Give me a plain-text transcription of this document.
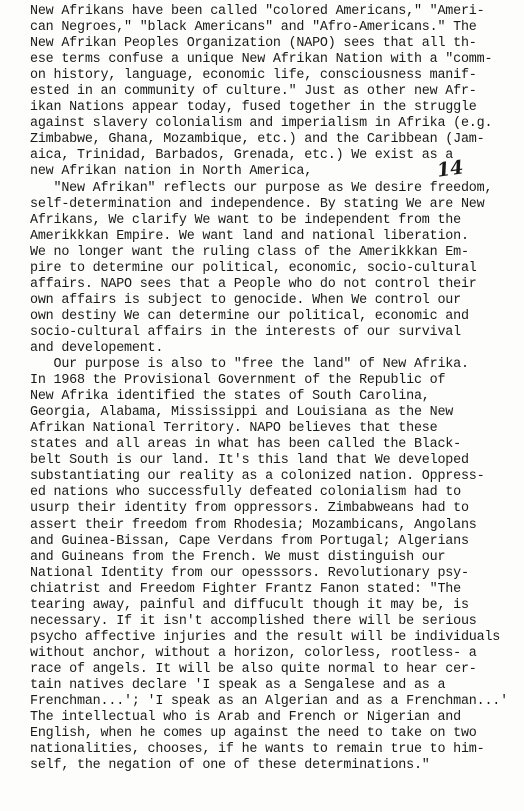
New Afrikans have been called "colored Americans," "Ameri-
can Negroes," "black Americans" and "Afro-Americans." The
New Afrikan Peoples Organization (NAPO) sees that all th-
ese terms confuse a unique New Afrikan Nation with a "comm-
on history, language, economic life, consciousness manif-
ested in an community of culture." Just as other new Afr-
ikan Nations appear today, fused together in the struggle
against slavery colonialism and imperialism in Afrika (e.g.
Zimbabwe, Ghana, Mozambique, etc.) and the Caribbean (Jam-
aica, Trinidad, Barbados, Grenada, etc.) We exist as a
new Afrikan nation in North America,
"New Afrikan" reflects our purpose as We desire freedom,
self-determination and independence. By stating We are New
Afrikans, We clarify We want to be independent from the
Amerikkkan Empire. We want land and national liberation.
We no longer want the ruling class of the Amerikkkan Em-
pire to determine our political, economic, socio-cultural
affairs. NAPO sees that a People who do not control their
own affairs is subject to genocide. When We control our
own destiny We can determine our political, economic and
socio-cultural affairs in the interests of our survival
and developement.
Our purpose is also to "free the land" of New Afrika.
In 1968 the Provisional Government of the Republic of
New Afrika identified the states of South Carolina,
Georgia, Alabama, Mississippi and Louisiana as the New
Afrikan National Territory. NAPO believes that these
states and all areas in what has been called the Black-
belt South is our land. It's this land that We developed
substantiating our reality as a colonized nation. Oppress-
ed nations who successfully defeated colonialism had to
usurp their identity from oppressors. Zimbabweans had to
assert their freedom from Rhodesia; Mozambicans, Angolans
and Guinea-Bissan, Cape Verdans from Portugal; Algerians
and Guineans from the French. We must distinguish our
National Identity from our opesssors. Revolutionary psy-
chiatrist and Freedom Fighter Frantz Fanon stated: "The
tearing away, painful and diffucult though it may be, is
necessary. If it isn't accomplished there will be serious
psycho affective injuries and the result will be individuals
without anchor, without a horizon, colorless, rootless- a
race of angels. It will be also quite normal to hear cer-
tain natives declare 'I speak as a Sengalese and as a
Frenchman...'; 'I speak as an Algerian and as a Frenchman...'
The intellectual who is Arab and French or Nigerian and
English, when he comes up against the need to take on two
nationalities, chooses, if he wants to remain true to him-
self, the negation of one of these determinations."
14
